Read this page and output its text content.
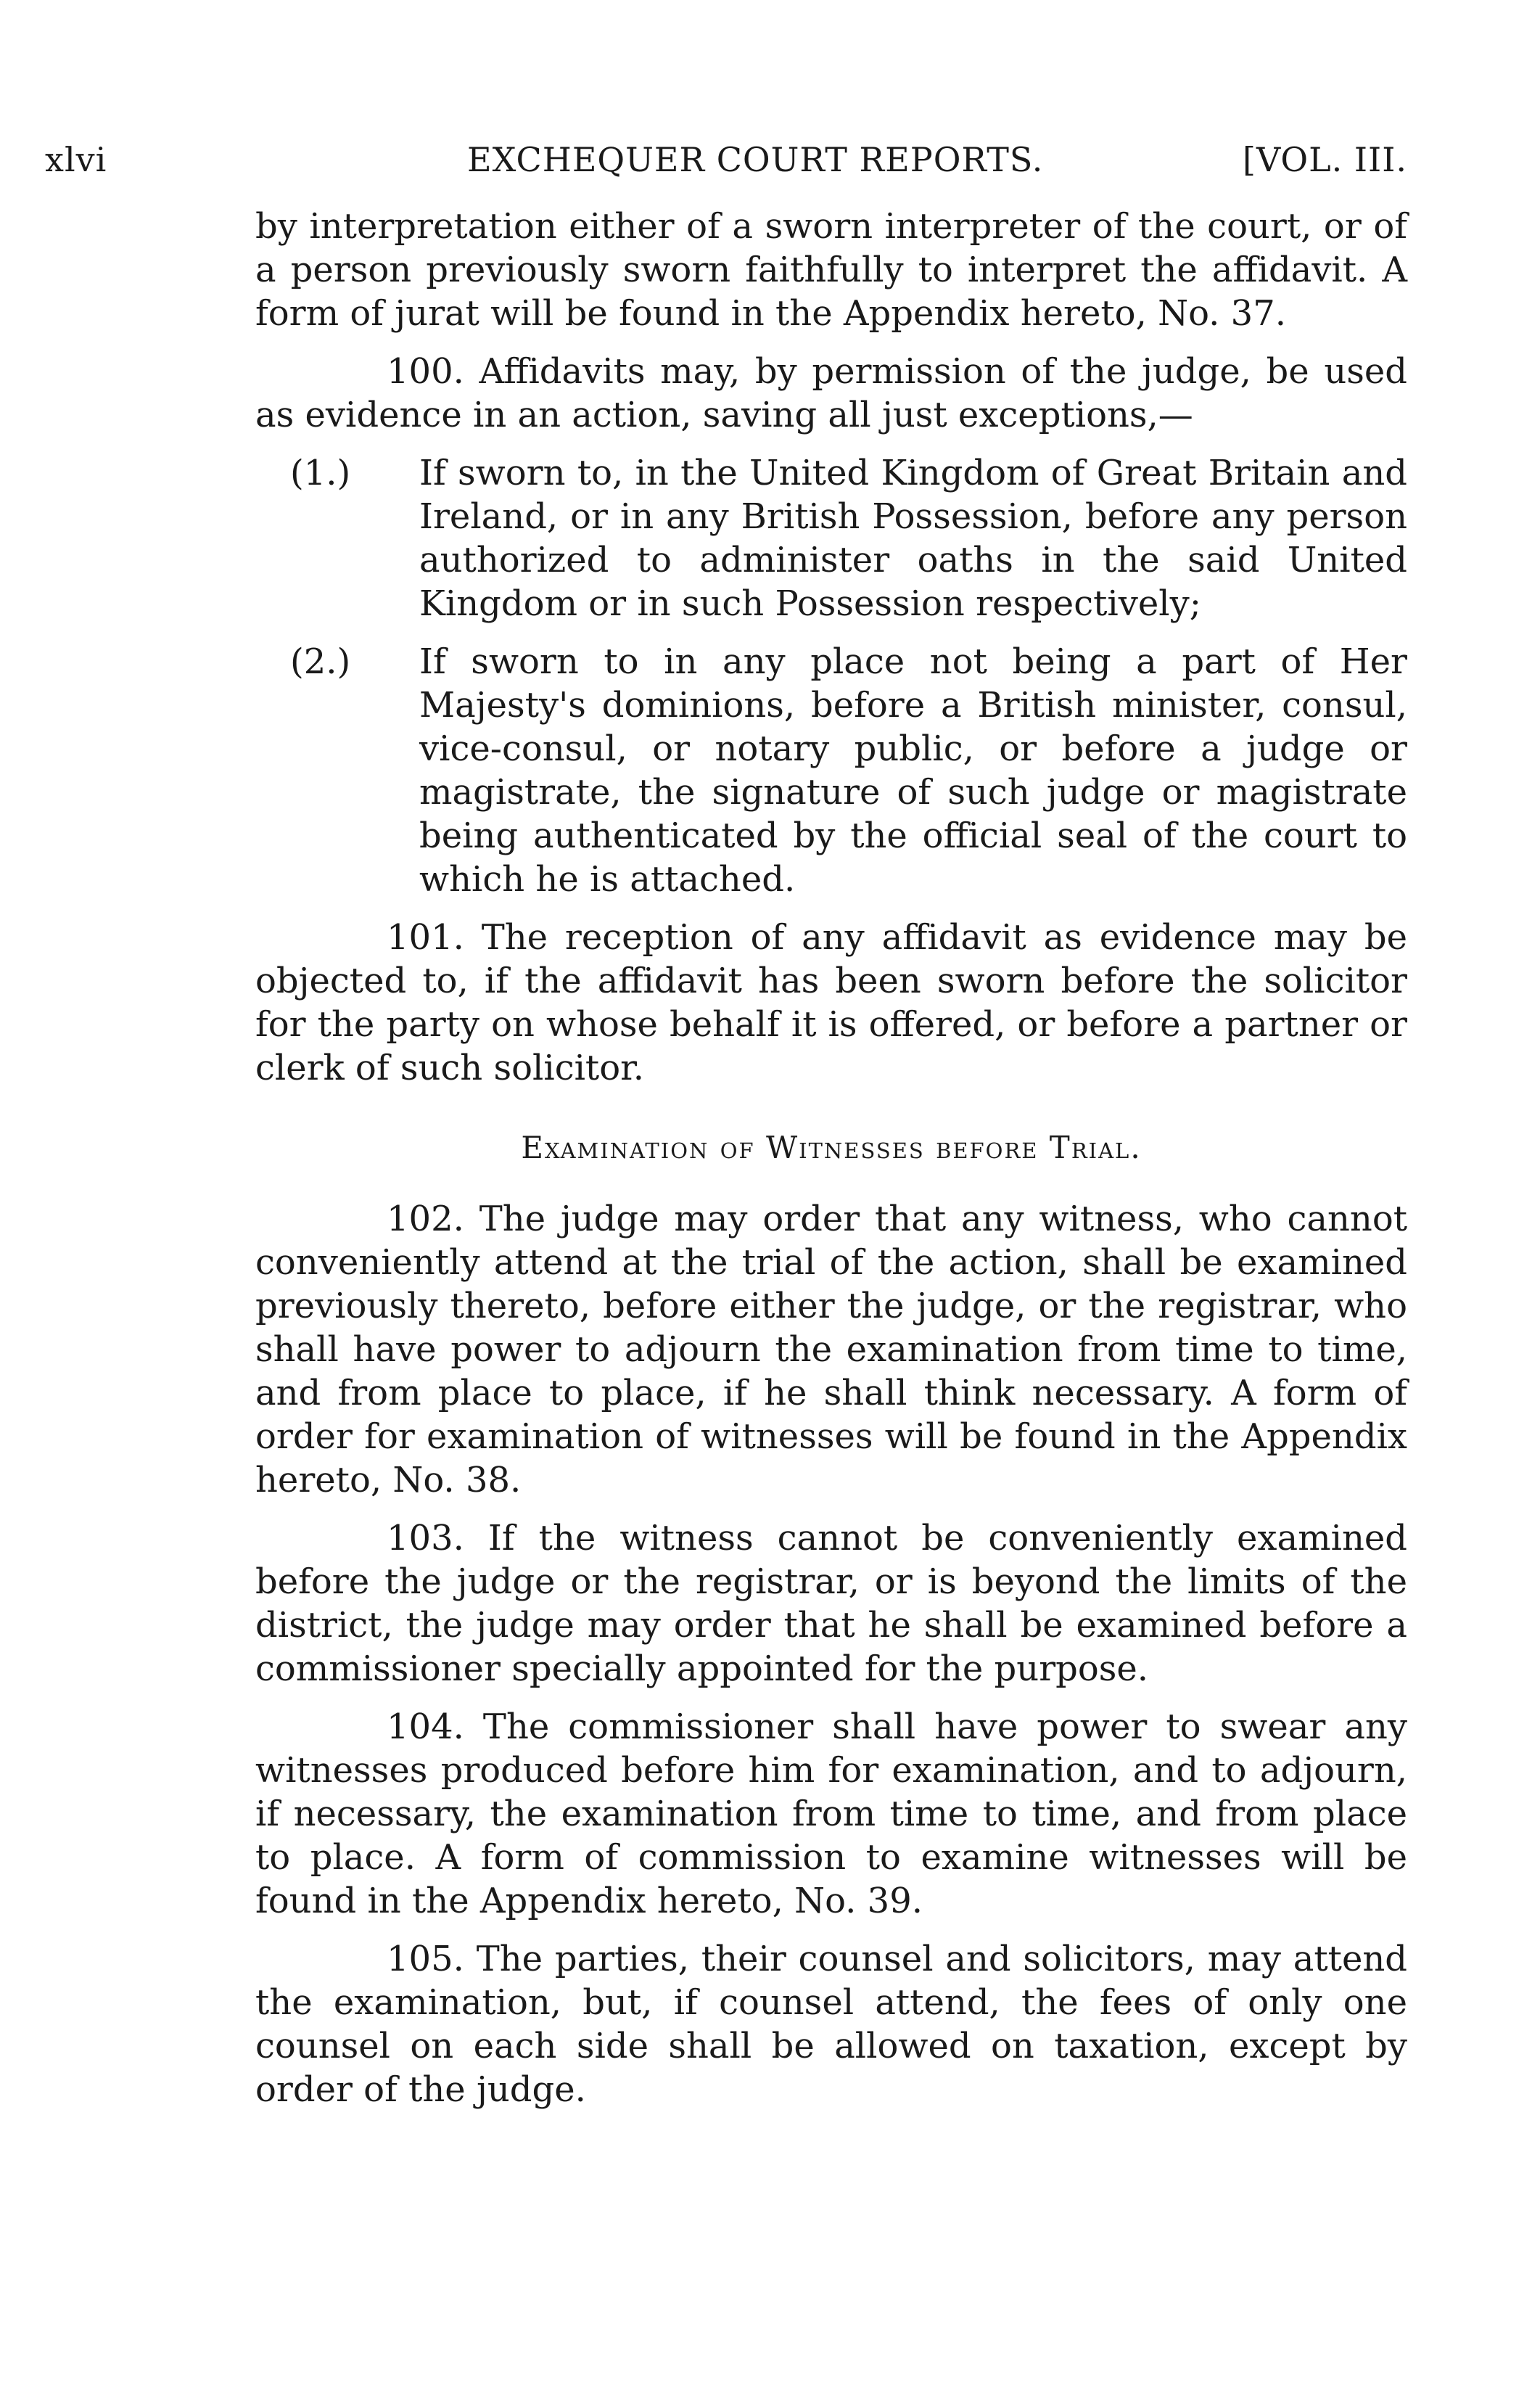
xlvi	EXCHEQUER COURT REPORTS.	[VOL. III.

by interpretation either of a sworn interpreter of the court, or of a person previously sworn faithfully to interpret the affidavit. A form of jurat will be found in the Appendix hereto, No. 37.

100. Affidavits may, by permission of the judge, be used as evidence in an action, saving all just exceptions,—

(1.) If sworn to, in the United Kingdom of Great Britain and Ireland, or in any British Possession, before any person authorized to administer oaths in the said United Kingdom or in such Possession respectively;
(2.) If sworn to in any place not being a part of Her Majesty's dominions, before a British minister, consul, vice-consul, or notary public, or before a judge or magistrate, the signature of such judge or magistrate being authenticated by the official seal of the court to which he is attached.

101. The reception of any affidavit as evidence may be objected to, if the affidavit has been sworn before the solicitor for the party on whose behalf it is offered, or before a partner or clerk of such solicitor.

Examination of Witnesses before Trial.

102. The judge may order that any witness, who cannot conveniently attend at the trial of the action, shall be examined previously thereto, before either the judge, or the registrar, who shall have power to adjourn the examination from time to time, and from place to place, if he shall think necessary. A form of order for examination of witnesses will be found in the Appendix hereto, No. 38.

103. If the witness cannot be conveniently examined before the judge or the registrar, or is beyond the limits of the district, the judge may order that he shall be examined before a commissioner specially appointed for the purpose.

104. The commissioner shall have power to swear any witnesses produced before him for examination, and to adjourn, if necessary, the examination from time to time, and from place to place. A form of commission to examine witnesses will be found in the Appendix hereto, No. 39.

105. The parties, their counsel and solicitors, may attend the examination, but, if counsel attend, the fees of only one counsel on each side shall be allowed on taxation, except by order of the judge.
